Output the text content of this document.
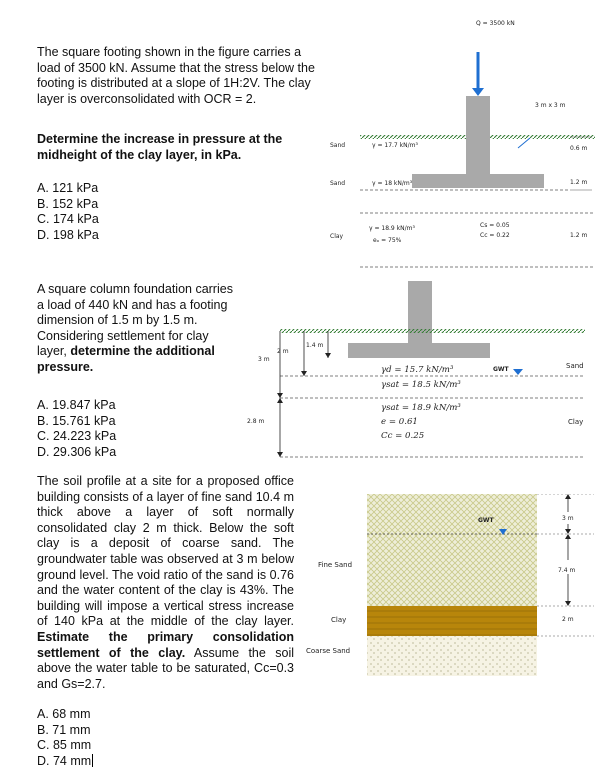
The square footing shown in the figure carries a load of 3500 kN. Assume that the stress below the footing is distributed at a slope of 1H:2V. The clay layer is overconsolidated with OCR = 2.
Determine the increase in pressure at the midheight of the clay layer, in kPa.
A. 121 kPa
B. 152 kPa
C. 174 kPa
D. 198 kPa
Q = 3500 kN
3 m x 3 m
Sand	γ = 17.7 kN/m³	0.6 m
Sand	γ = 18 kN/m³	1.2 m
Clay
γ = 18.9 kN/m³
eₒ = 75%
1.2 m
Cs = 0.05
Cc = 0.22
A square column foundation carries a load of 440 kN and has a footing dimension of 1.5 m by 1.5 m. Considering settlement for clay layer, determine the additional pressure.
A. 19.847 kPa
B. 15.761 kPa
C. 24.223 kPa
D. 29.306 kPa
3 m
2 m
1.4 m
2.8 m
γd = 15.7 kN/m³
γsat = 18.5 kN/m³
γsat = 18.9 kN/m³
e = 0.61
Cc = 0.25
GWT	Sand
Clay
The soil profile at a site for a proposed office building consists of a layer of fine sand 10.4 m thick above a layer of soft normally consolidated clay 2 m thick. Below the soft clay is a deposit of coarse sand. The groundwater table was observed at 3 m below ground level. The void ratio of the sand is 0.76 and the water content of the clay is 43%. The building will impose a vertical stress increase of 140 kPa at the middle of the clay layer. Estimate the primary consolidation settlement of the clay. Assume the soil above the water table to be saturated, Cc=0.3 and Gs=2.7.
A. 68 mm
B. 71 mm
C. 85 mm
D. 74 mm
Fine Sand
Clay
Coarse Sand
GWT	3 m
7.4 m
2 m
